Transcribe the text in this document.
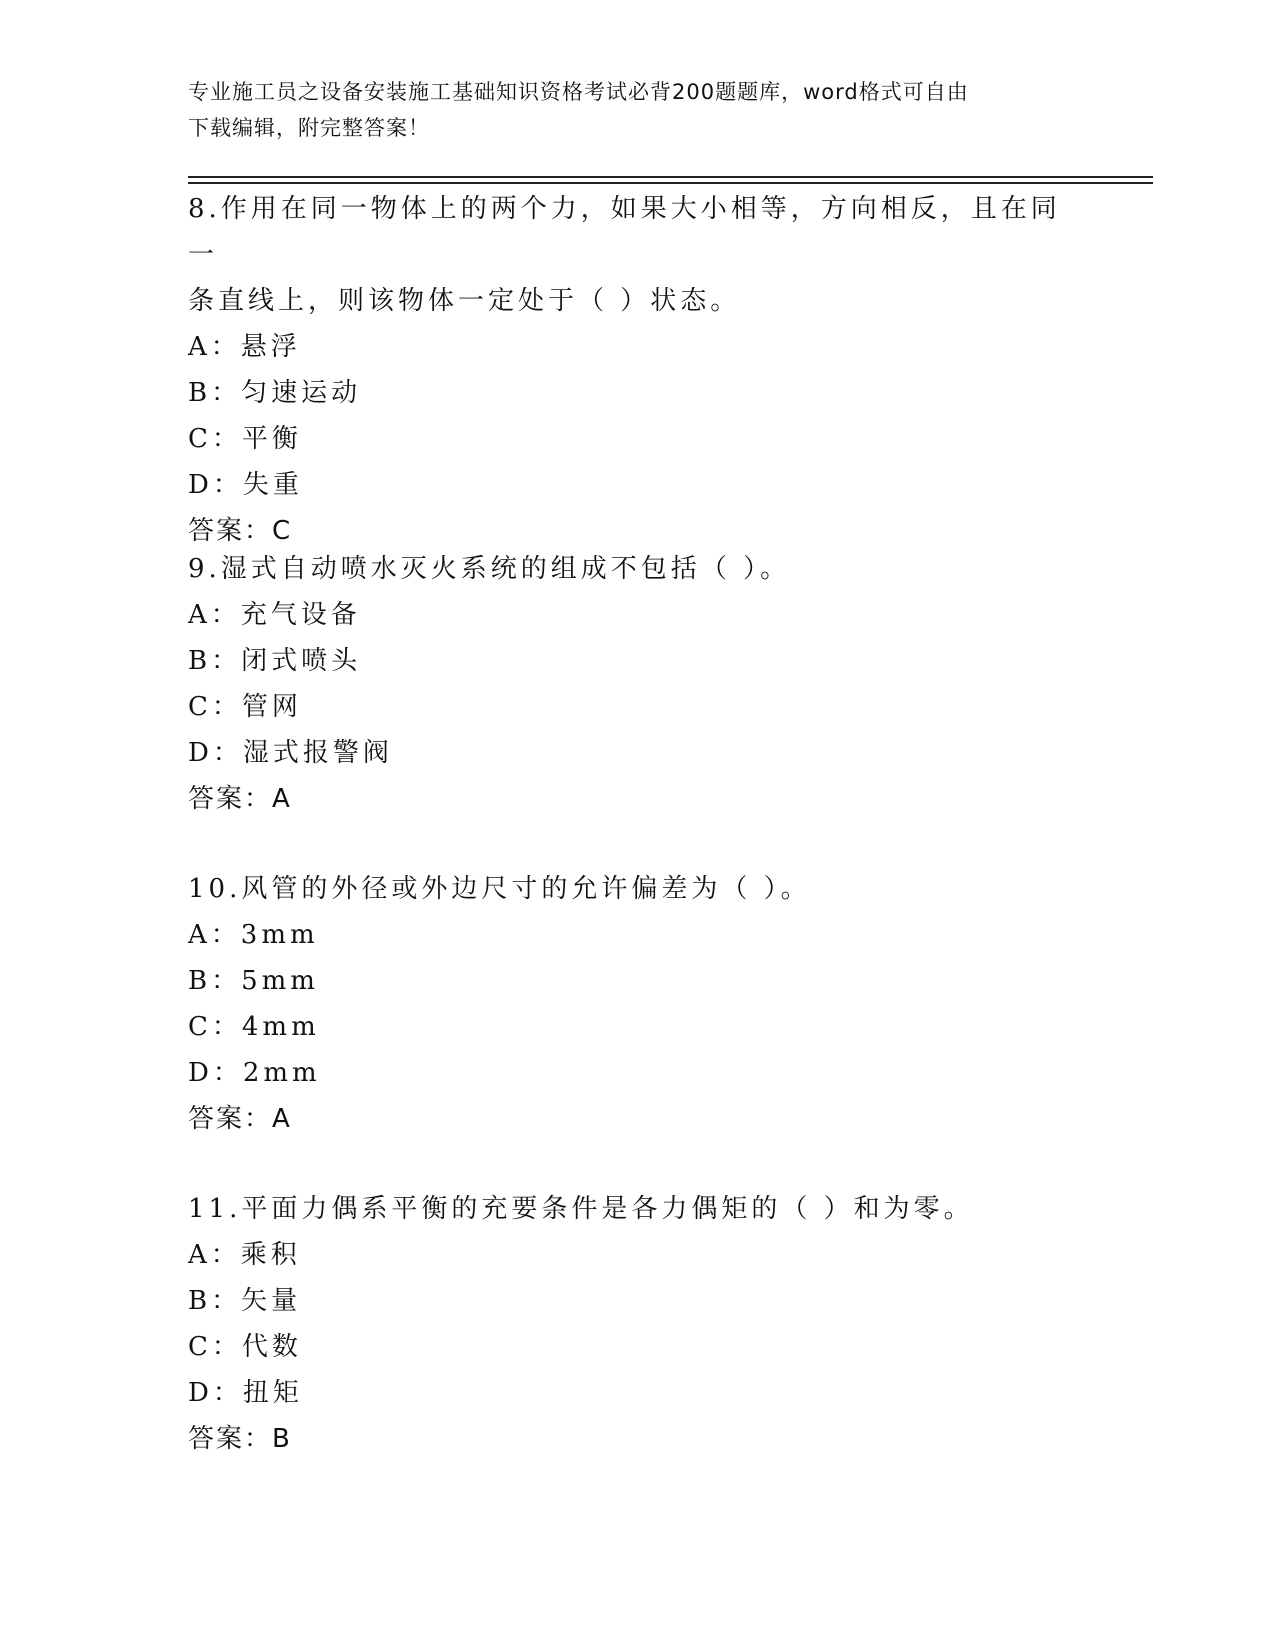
专业施工员之设备安装施工基础知识资格考试必背200题题库，word格式可自由
下载编辑，附完整答案！

8.作用在同一物体上的两个力，如果大小相等，方向相反，且在同一

条直线上，则该物体一定处于（ ）状态。

A：悬浮

B：匀速运动

C：平衡

D：失重

答案：C

9.湿式自动喷水灭火系统的组成不包括（ ）。

A：充气设备

B：闭式喷头

C：管网

D：湿式报警阀

答案：A

10.风管的外径或外边尺寸的允许偏差为（ ）。

A：3mm

B：5mm

C：4mm

D：2mm

答案：A

11.平面力偶系平衡的充要条件是各力偶矩的（ ）和为零。

A：乘积

B：矢量

C：代数

D：扭矩

答案：B
